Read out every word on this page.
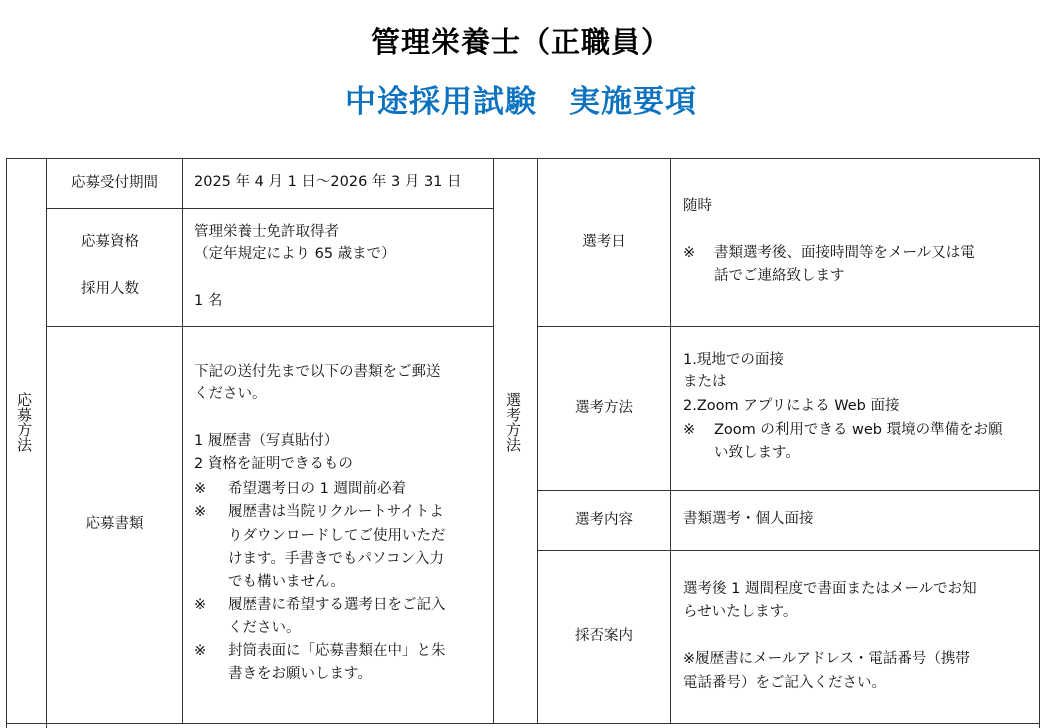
管理栄養士（正職員）
中途採用試験　実施要項
応募方法
応募受付期間	2025 年 4 月 1 日～2026 年 3 月 31 日
応募資格
採用人数
管理栄養士免許取得者
（定年規定により 65 歳まで）
1 名
応募書類
下記の送付先まで以下の書類をご郵送
ください。
1 履歴書（写真貼付）
2 資格を証明できるもの
※ 希望選考日の 1 週間前必着
※ 履歴書は当院リクルートサイトよ
りダウンロードしてご使用いただ
けます。手書きでもパソコン入力
でも構いません。
※ 履歴書に希望する選考日をご記入
ください。
※ 封筒表面に「応募書類在中」と朱
書きをお願いします。
選考方法
選考日
随時
※ 書類選考後、面接時間等をメール又は電
話でご連絡致します
選考方法
1.現地での面接
または
2.Zoom アプリによる Web 面接
※ Zoom の利用できる web 環境の準備をお願
い致します。
選考内容	書類選考・個人面接
採否案内
選考後 1 週間程度で書面またはメールでお知
らせいたします。
※履歴書にメールアドレス・電話番号（携帯
電話番号）をご記入ください。
